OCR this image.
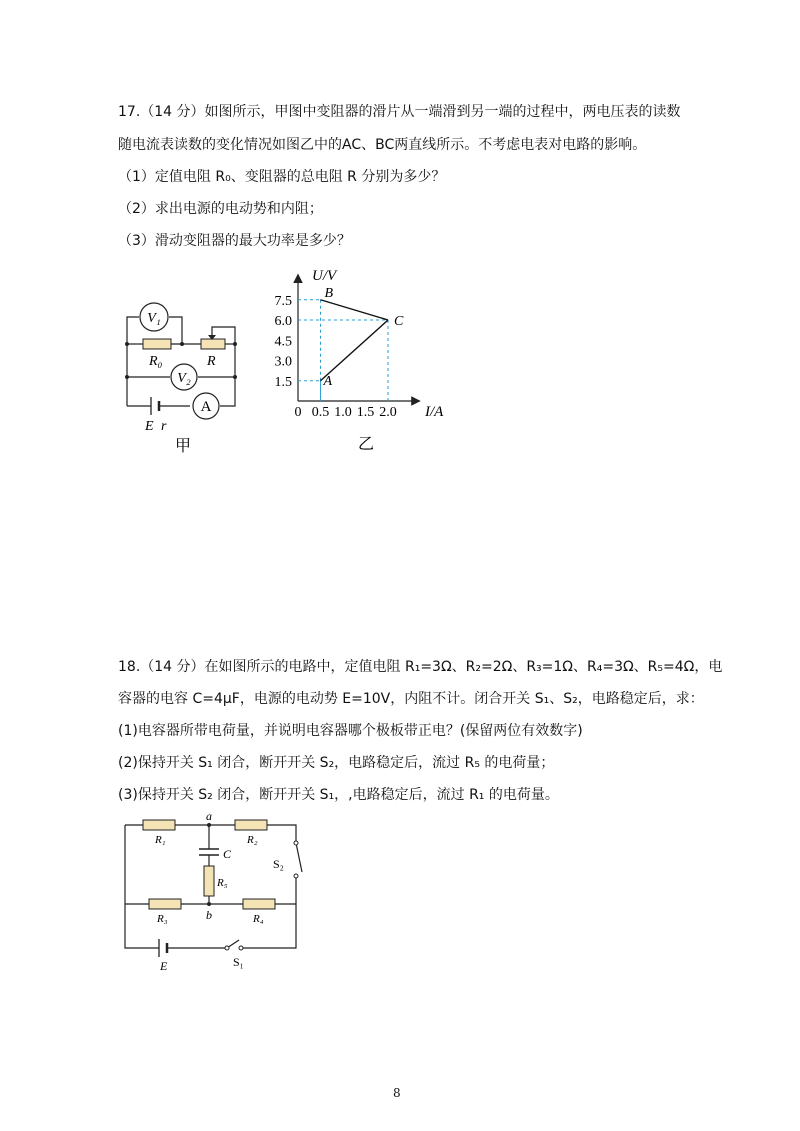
17.（14 分）如图所示，甲图中变阻器的滑片从一端滑到另一端的过程中，两电压表的读数
随电流表读数的变化情况如图乙中的AC、BC两直线所示。不考虑电表对电路的影响。
（1）定值电阻 R₀、变阻器的总电阻 R 分别为多少？
（2）求出电源的电动势和内阻；
（3）滑动变阻器的最大功率是多少？
V₁
V₂
A
R₀	R
E r
甲
0.5 1.0 1.5 2.0
1.5
3.0
4.5
6.0
7.5
U/V
I/A
0
A
B
C
乙
18.（14 分）在如图所示的电路中，定值电阻 R₁=3Ω、R₂=2Ω、R₃=1Ω、R₄=3Ω、R₅=4Ω，电
容器的电容 C=4μF，电源的电动势 E=10V，内阻不计。闭合开关 S₁、S₂，电路稳定后，求：
(1)电容器所带电荷量，并说明电容器哪个极板带正电？(保留两位有效数字)
(2)保持开关 S₁ 闭合，断开开关 S₂，电路稳定后，流过 R₅ 的电荷量；
(3)保持开关 S₂ 闭合，断开开关 S₁，,电路稳定后，流过 R₁ 的电荷量。
R₁	R₂
R₅
R₃	R₄
C
a
b
S₂
S₁
E
8
